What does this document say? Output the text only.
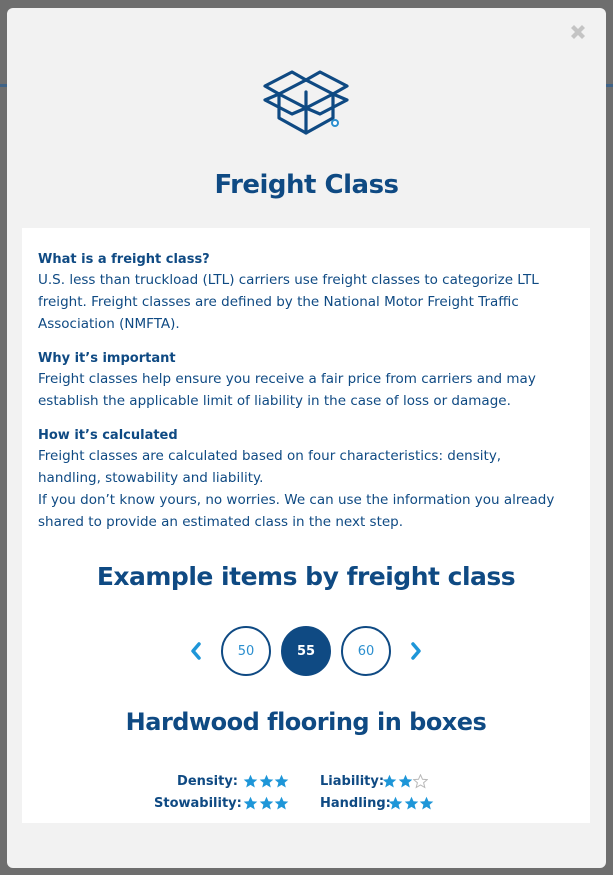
Freight Class
What is a freight class?
U.S. less than truckload (LTL) carriers use freight classes to categorize LTL freight. Freight classes are defined by the National Motor Freight Traffic Association (NMFTA).
Why it’s important
Freight classes help ensure you receive a fair price from carriers and may establish the applicable limit of liability in the case of loss or damage.
How it’s calculated
Freight classes are calculated based on four characteristics: density, handling, stowability and liability.
If you don’t know yours, no worries. We can use the information you already shared to provide an estimated class in the next step.
Example items by freight class
50	55	60
Hardwood flooring in boxes
Density:	Liability:
Stowability:	Handling:
